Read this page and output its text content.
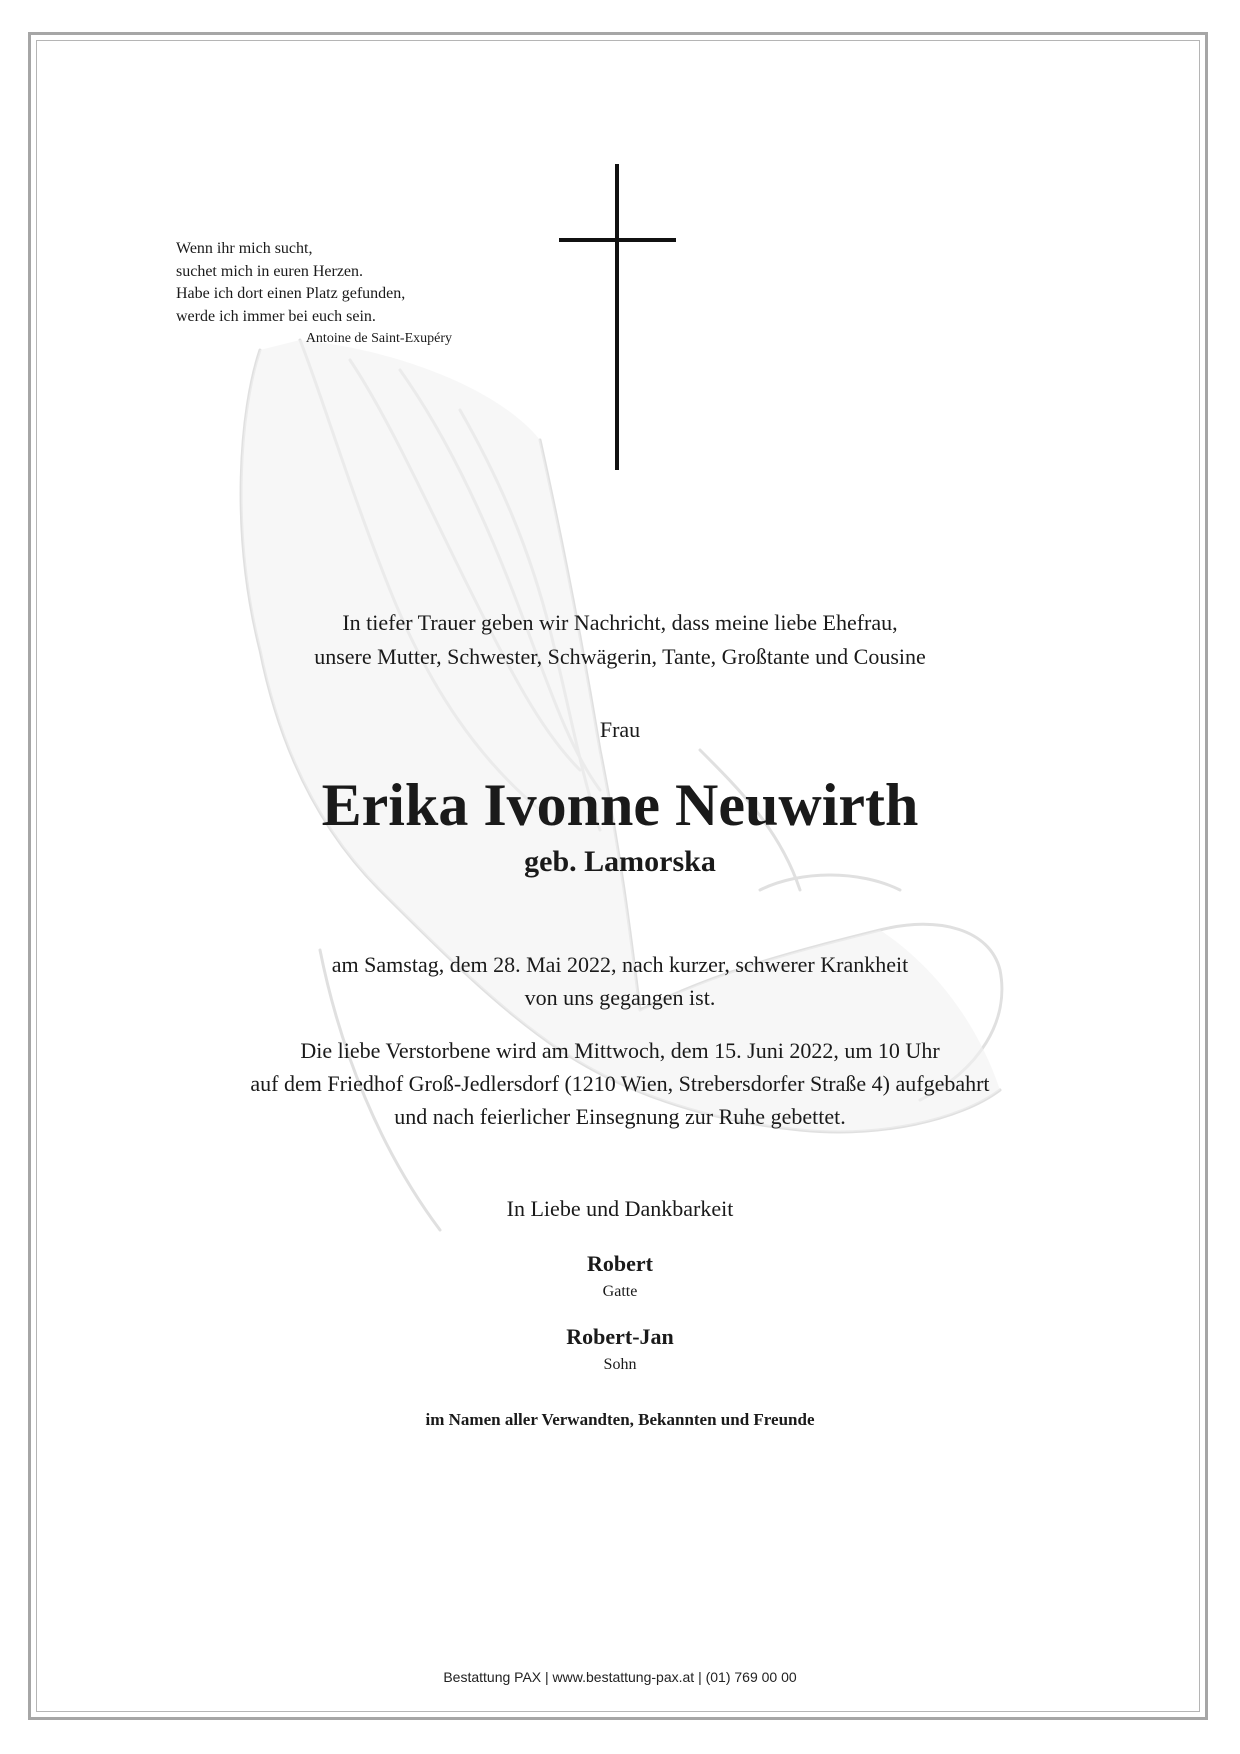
Wenn ihr mich sucht,
suchet mich in euren Herzen.
Habe ich dort einen Platz gefunden,
werde ich immer bei euch sein.
Antoine de Saint-Exupéry
In tiefer Trauer geben wir Nachricht, dass meine liebe Ehefrau,
unsere Mutter, Schwester, Schwägerin, Tante, Großtante und Cousine
Frau
Erika Ivonne Neuwirth
geb. Lamorska
am Samstag, dem 28. Mai 2022, nach kurzer, schwerer Krankheit
von uns gegangen ist.
Die liebe Verstorbene wird am Mittwoch, dem 15. Juni 2022, um 10 Uhr
auf dem Friedhof Groß-Jedlersdorf (1210 Wien, Strebersdorfer Straße 4) aufgebahrt
und nach feierlicher Einsegnung zur Ruhe gebettet.
In Liebe und Dankbarkeit
Robert
Gatte
Robert-Jan
Sohn
im Namen aller Verwandten, Bekannten und Freunde
Bestattung PAX | www.bestattung-pax.at | (01) 769 00 00
